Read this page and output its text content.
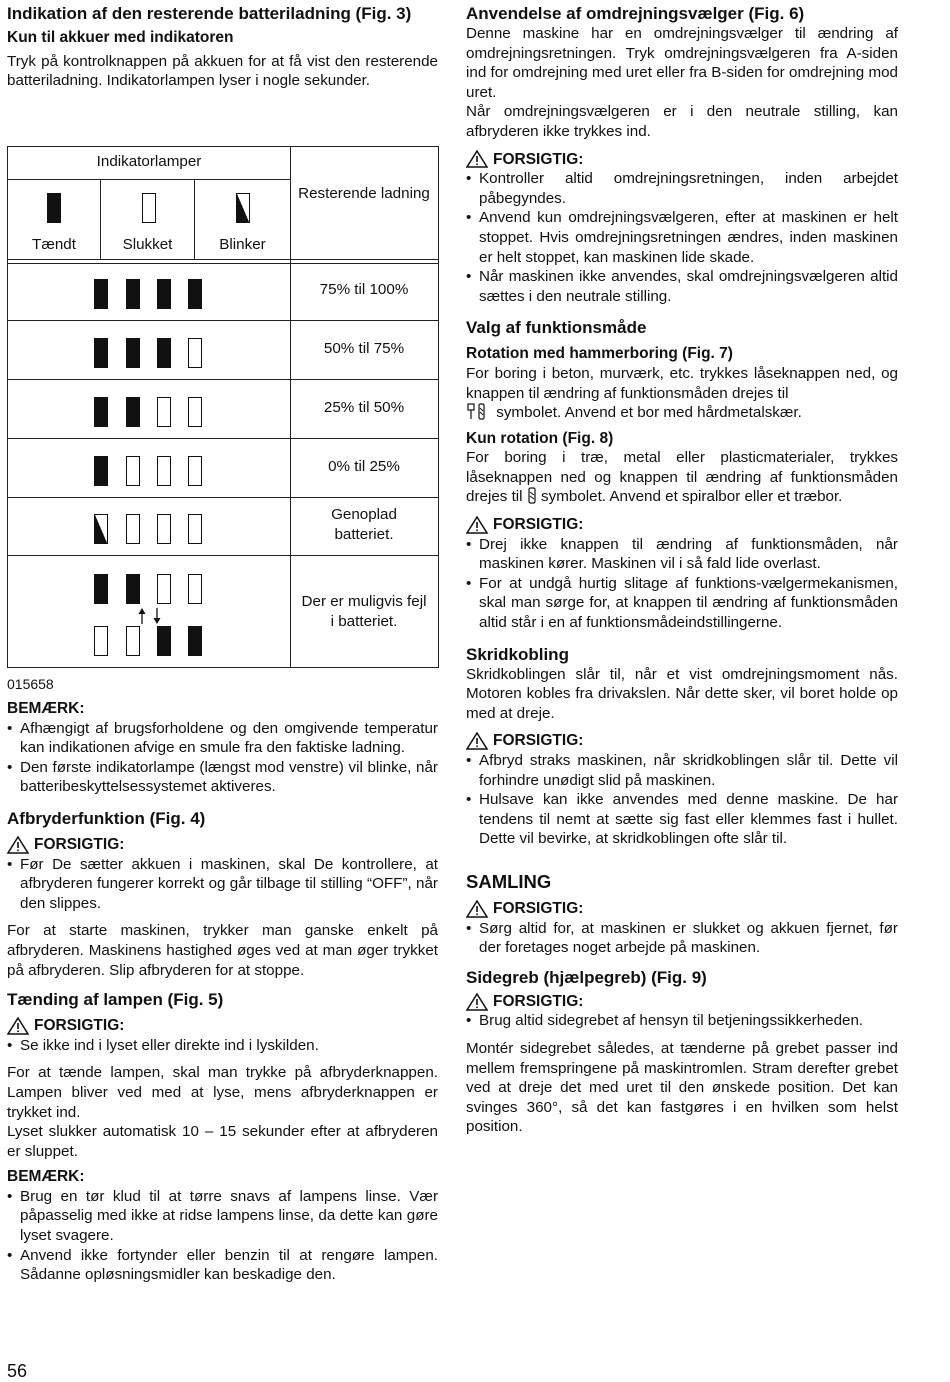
Indikation af den resterende batteriladning (Fig. 3)
Kun til akkuer med indikatoren

Tryk på kontrolknappen på akkuen for at få vist den resterende batteriladning. Indikatorlampen lyser i nogle sekunder.

Indikatorlamper
Resterende ladning
Tændt	Slukket	Blinker
75% til 100%
50% til 75%
25% til 50%
0% til 25%
Genoplad batteriet.
Der er muligvis fejl i batteriet.
015658
BEMÆRK:
• Afhængigt af brugsforholdene og den omgivende temperatur kan indikationen afvige en smule fra den faktiske ladning.
• Den første indikatorlampe (længst mod venstre) vil blinke, når batteribeskyttelsessystemet aktiveres.
Afbryderfunktion (Fig. 4)
FORSIGTIG:
• Før De sætter akkuen i maskinen, skal De kontrollere, at afbryderen fungerer korrekt og går tilbage til stilling “OFF”, når den slippes.

For at starte maskinen, trykker man ganske enkelt på afbryderen. Maskinens hastighed øges ved at man øger trykket på afbryderen. Slip afbryderen for at stoppe.

Tænding af lampen (Fig. 5)
FORSIGTIG:
• Se ikke ind i lyset eller direkte ind i lyskilden.

For at tænde lampen, skal man trykke på afbryderknappen. Lampen bliver ved med at lyse, mens afbryderknappen er trykket ind.

Lyset slukker automatisk 10 – 15 sekunder efter at afbryderen er sluppet.

BEMÆRK:
• Brug en tør klud til at tørre snavs af lampens linse. Vær påpasselig med ikke at ridse lampens linse, da dette kan gøre lyset svagere.
• Anvend ikke fortynder eller benzin til at rengøre lampen. Sådanne opløsningsmidler kan beskadige den.
Anvendelse af omdrejningsvælger (Fig. 6)

Denne maskine har en omdrejningsvælger til ændring af omdrejningsretningen. Tryk omdrejningsvælgeren fra A-siden ind for omdrejning med uret eller fra B-siden for omdrejning mod uret.

Når omdrejningsvælgeren er i den neutrale stilling, kan afbryderen ikke trykkes ind.

FORSIGTIG:
• Kontroller altid omdrejningsretningen, inden arbejdet påbegyndes.
• Anvend kun omdrejningsvælgeren, efter at maskinen er helt stoppet. Hvis omdrejningsretningen ændres, inden maskinen er helt stoppet, kan maskinen lide skade.
• Når maskinen ikke anvendes, skal omdrejningsvælgeren altid sættes i den neutrale stilling.
Valg af funktionsmåde
Rotation med hammerboring (Fig. 7)

For boring i beton, murværk, etc. trykkes låseknappen ned, og knappen til ændring af funktionsmåden drejes til
symbolet. Anvend et bor med hårdmetalskær.

Kun rotation (Fig. 8)

For boring i træ, metal eller plasticmaterialer, trykkes låseknappen ned og knappen til ændring af funktionsmåden drejes til symbolet. Anvend et spiralbor eller et træbor.

FORSIGTIG:
• Drej ikke knappen til ændring af funktionsmåden, når maskinen kører. Maskinen vil i så fald lide overlast.
• For at undgå hurtig slitage af funktions-vælgermekanismen, skal man sørge for, at knappen til ændring af funktionsmåden altid står i en af funktionsmådeindstillingerne.
Skridkobling

Skridkoblingen slår til, når et vist omdrejningsmoment nås. Motoren kobles fra drivakslen. Når dette sker, vil boret holde op med at dreje.

FORSIGTIG:
• Afbryd straks maskinen, når skridkoblingen slår til. Dette vil forhindre unødigt slid på maskinen.
• Hulsave kan ikke anvendes med denne maskine. De har tendens til nemt at sætte sig fast eller klemmes fast i hullet. Dette vil bevirke, at skridkoblingen ofte slår til.
SAMLING
FORSIGTIG:
• Sørg altid for, at maskinen er slukket og akkuen fjernet, før der foretages noget arbejde på maskinen.
Sidegreb (hjælpegreb) (Fig. 9)
FORSIGTIG:
• Brug altid sidegrebet af hensyn til betjeningssikkerheden.

Montér sidegrebet således, at tænderne på grebet passer ind mellem fremspringene på maskintromlen. Stram derefter grebet ved at dreje det med uret til den ønskede position. Det kan svinges 360°, så det kan fastgøres i en hvilken som helst position.

56
